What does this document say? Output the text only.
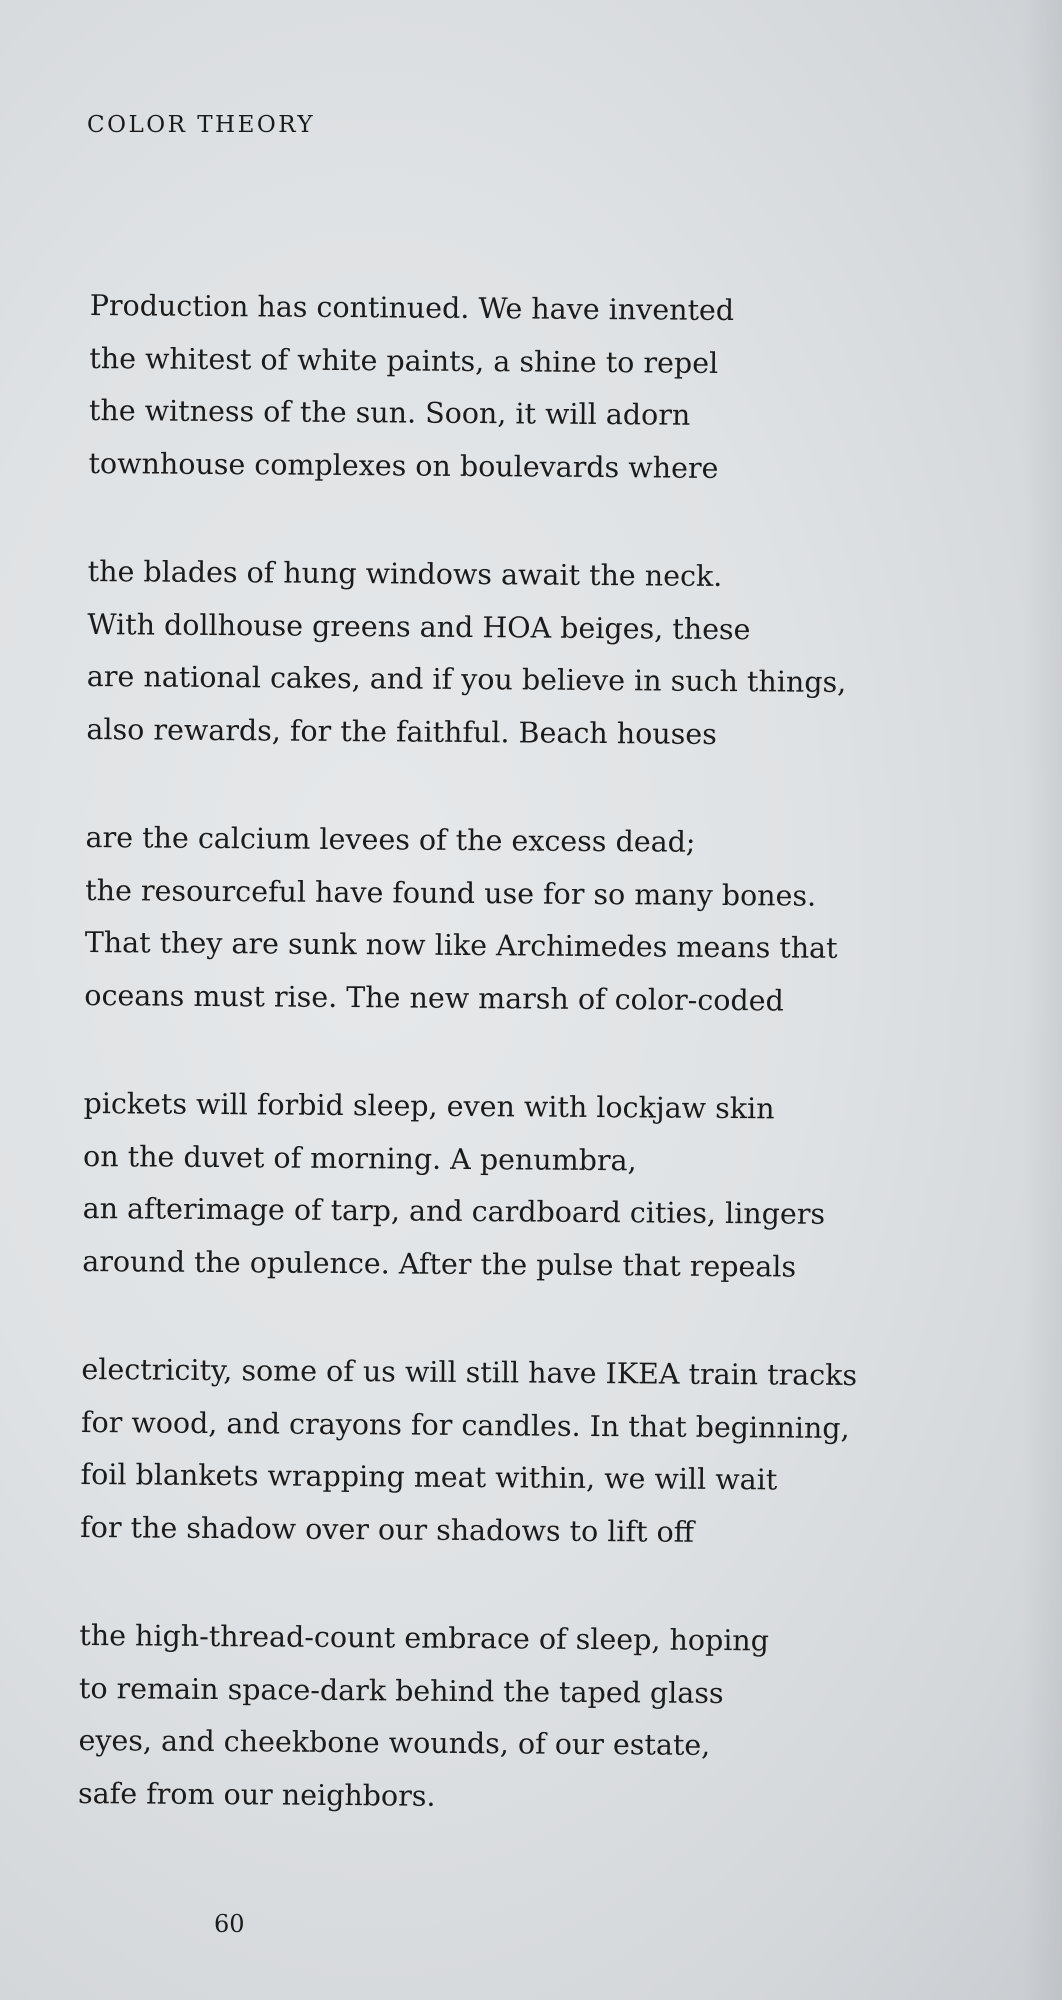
COLOR THEORY
Production has continued. We have invented
the whitest of white paints, a shine to repel
the witness of the sun. Soon, it will adorn
townhouse complexes on boulevards where
the blades of hung windows await the neck.
With dollhouse greens and HOA beiges, these
are national cakes, and if you believe in such things,
also rewards, for the faithful. Beach houses
are the calcium levees of the excess dead;
the resourceful have found use for so many bones.
That they are sunk now like Archimedes means that
oceans must rise. The new marsh of color-coded
pickets will forbid sleep, even with lockjaw skin
on the duvet of morning. A penumbra,
an afterimage of tarp, and cardboard cities, lingers
around the opulence. After the pulse that repeals
electricity, some of us will still have IKEA train tracks
for wood, and crayons for candles. In that beginning,
foil blankets wrapping meat within, we will wait
for the shadow over our shadows to lift off
the high-thread-count embrace of sleep, hoping
to remain space-dark behind the taped glass
eyes, and cheekbone wounds, of our estate,
safe from our neighbors.
60
